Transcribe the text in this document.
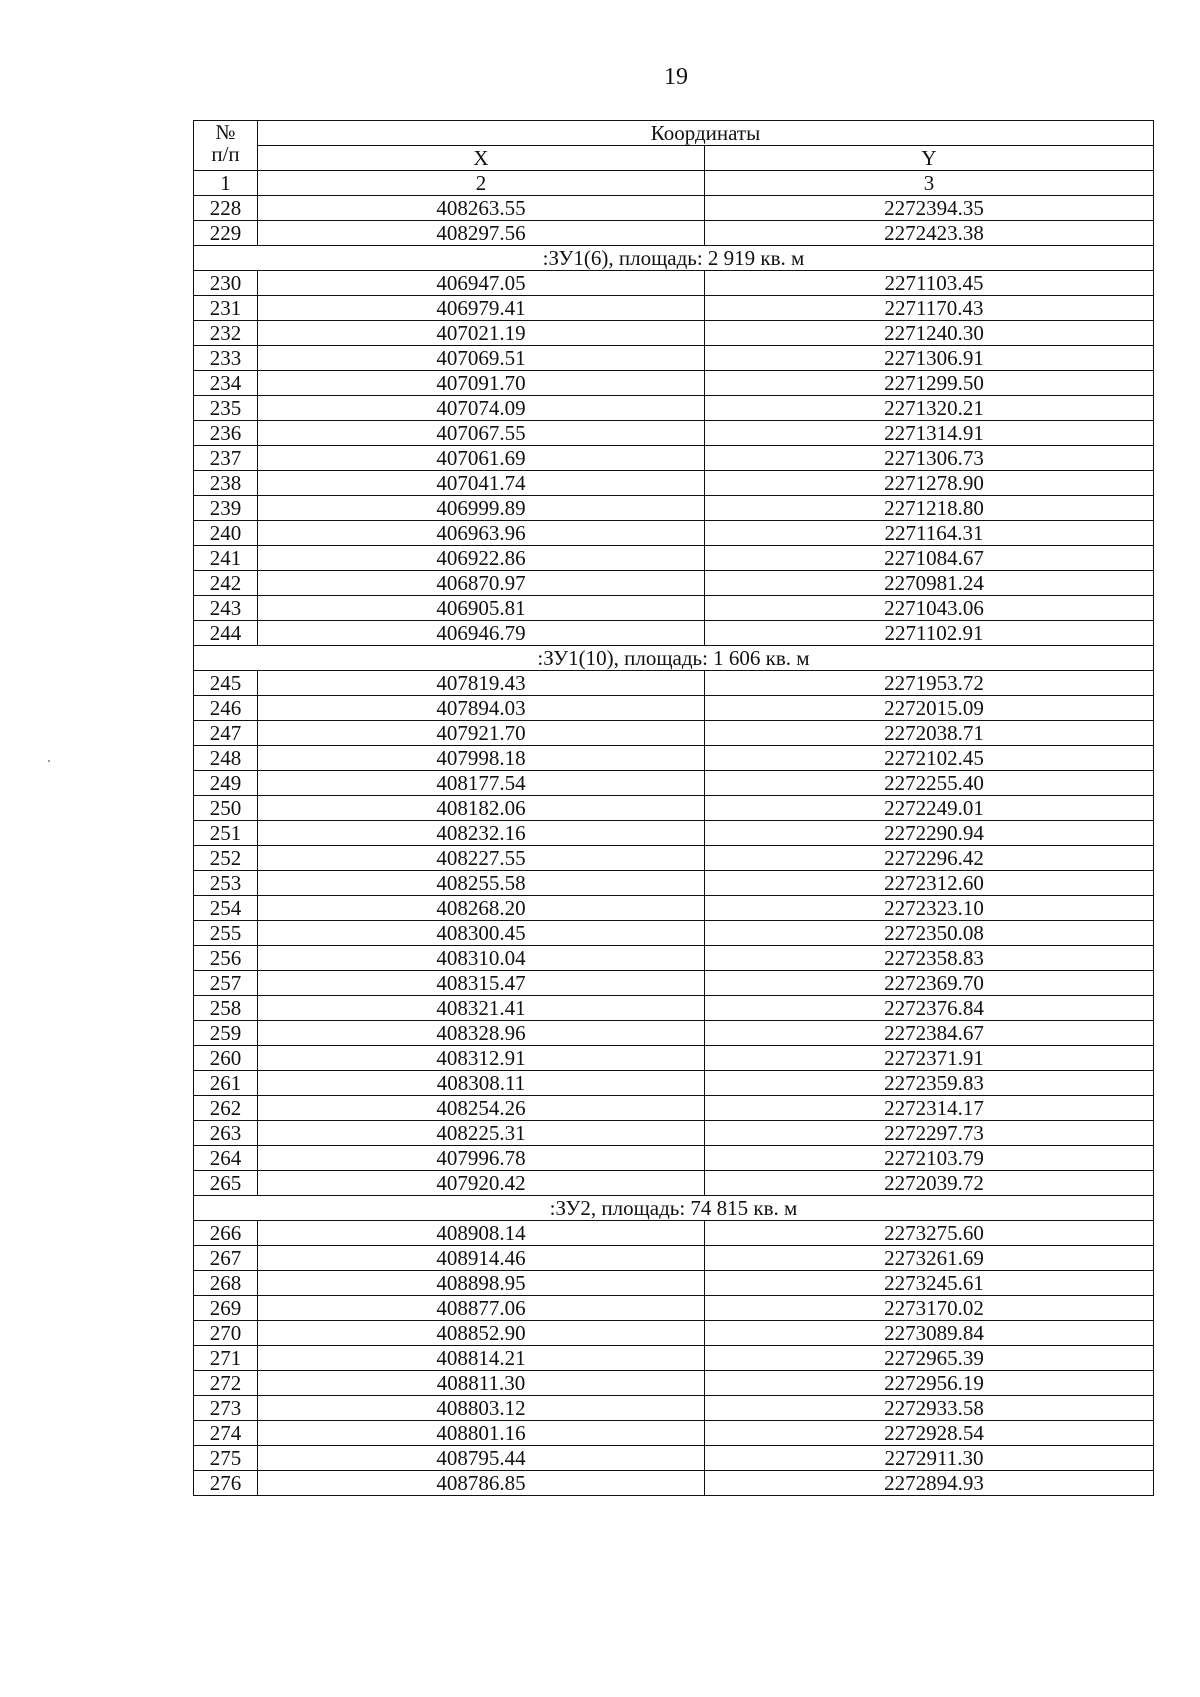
19
№
п/п	Координаты	
	X	Y
1	2	3
228	408263.55	2272394.35
229	408297.56	2272423.38
:ЗУ1(6), площадь: 2 919 кв. м		
230	406947.05	2271103.45
231	406979.41	2271170.43
232	407021.19	2271240.30
233	407069.51	2271306.91
234	407091.70	2271299.50
235	407074.09	2271320.21
236	407067.55	2271314.91
237	407061.69	2271306.73
238	407041.74	2271278.90
239	406999.89	2271218.80
240	406963.96	2271164.31
241	406922.86	2271084.67
242	406870.97	2270981.24
243	406905.81	2271043.06
244	406946.79	2271102.91
:ЗУ1(10), площадь: 1 606 кв. м		
245	407819.43	2271953.72
246	407894.03	2272015.09
247	407921.70	2272038.71
248	407998.18	2272102.45
249	408177.54	2272255.40
250	408182.06	2272249.01
251	408232.16	2272290.94
252	408227.55	2272296.42
253	408255.58	2272312.60
254	408268.20	2272323.10
255	408300.45	2272350.08
256	408310.04	2272358.83
257	408315.47	2272369.70
258	408321.41	2272376.84
259	408328.96	2272384.67
260	408312.91	2272371.91
261	408308.11	2272359.83
262	408254.26	2272314.17
263	408225.31	2272297.73
264	407996.78	2272103.79
265	407920.42	2272039.72
:ЗУ2, площадь: 74 815 кв. м		
266	408908.14	2273275.60
267	408914.46	2273261.69
268	408898.95	2273245.61
269	408877.06	2273170.02
270	408852.90	2273089.84
271	408814.21	2272965.39
272	408811.30	2272956.19
273	408803.12	2272933.58
274	408801.16	2272928.54
275	408795.44	2272911.30
276	408786.85	2272894.93
